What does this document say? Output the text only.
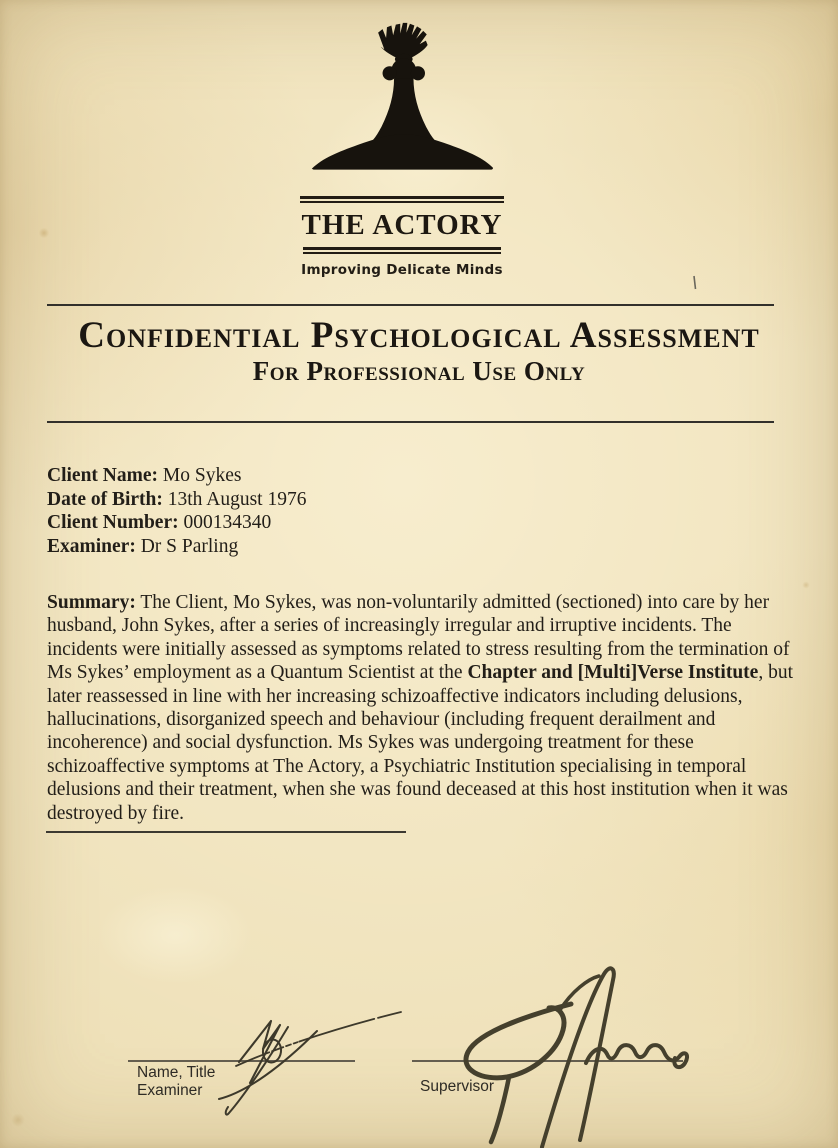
THE ACTORY
Improving Delicate Minds
Confidential Psychological Assessment
For Professional Use Only
Client Name: Mo Sykes
Date of Birth: 13th August 1976
Client Number: 000134340
Examiner: Dr S Parling
Summary: The Client, Mo Sykes, was non-voluntarily admitted (sectioned) into care by her husband, John Sykes, after a series of increasingly irregular and irruptive incidents. The incidents were initially assessed as symptoms related to stress resulting from the termination of Ms Sykes’ employment as a Quantum Scientist at the Chapter and [Multi]Verse Institute, but later reassessed in line with her increasing schizoaffective indicators including delusions, hallucinations, disorganized speech and behaviour (including frequent derailment and incoherence) and social dysfunction. Ms Sykes was undergoing treatment for these schizoaffective symptoms at The Actory, a Psychiatric Institution specialising in temporal delusions and their treatment, when she was found deceased at this host institution when it was destroyed by fire.
Name, Title
Examiner	Supervisor
